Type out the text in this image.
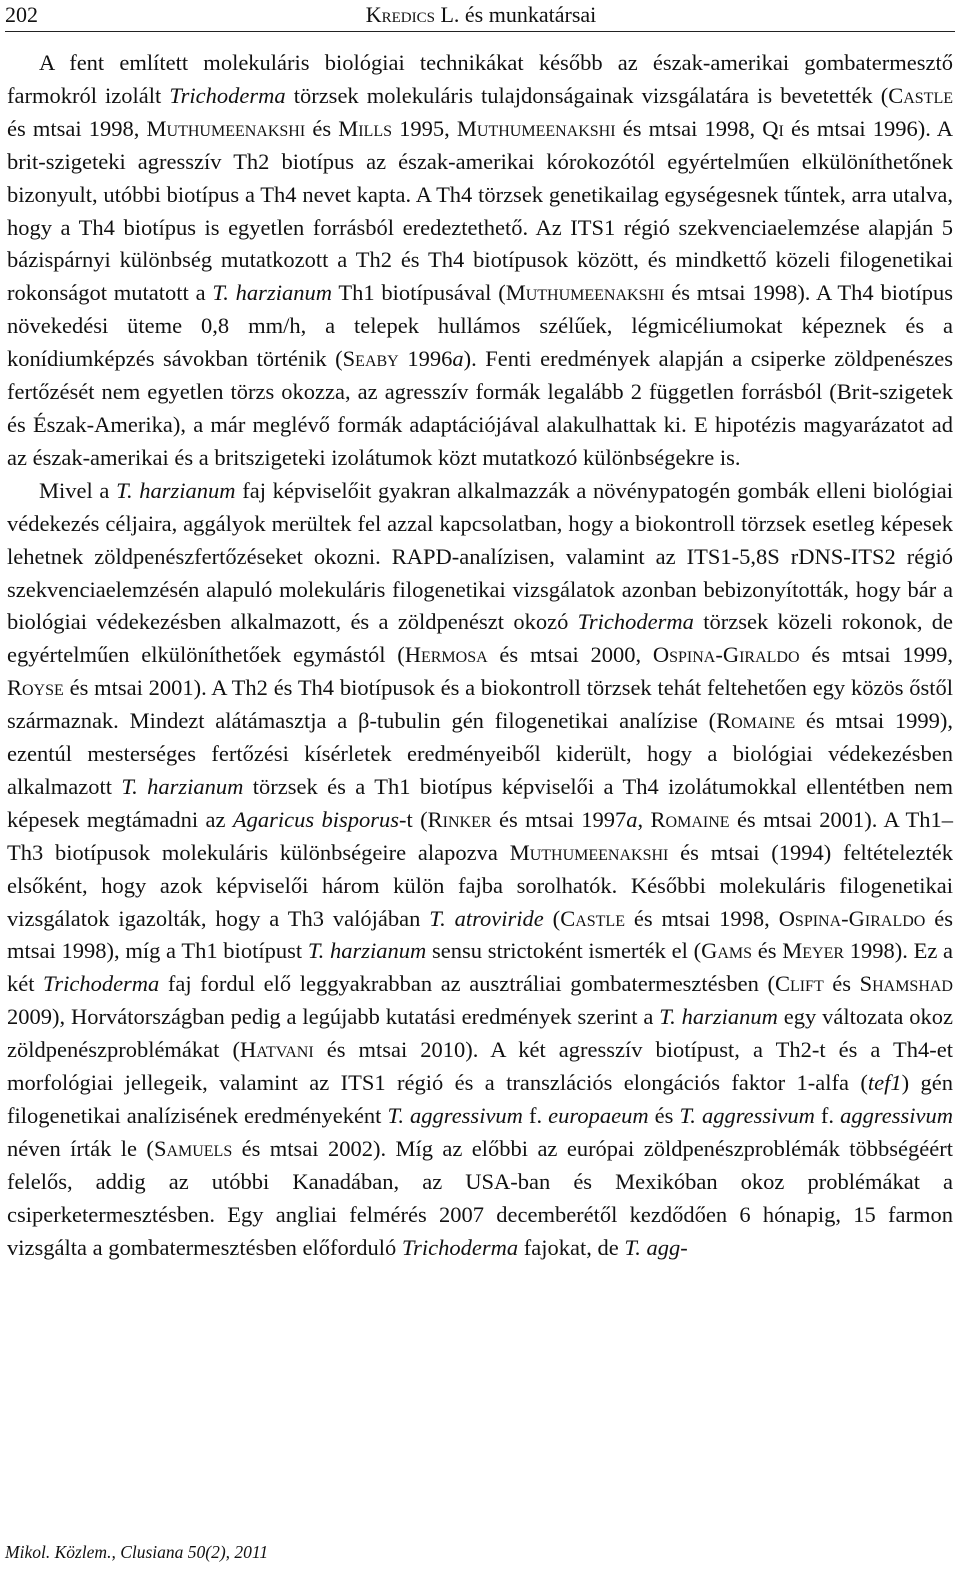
202	Kredics L. és munkatársai

A fent említett molekuláris biológiai technikákat később az észak-amerikai gombatermesztő farmokról izolált Trichoderma törzsek molekuláris tulajdonságainak vizsgálatára is bevetették (Castle és mtsai 1998, Muthumeenakshi és Mills 1995, Muthumeenakshi és mtsai 1998, Qi és mtsai 1996). A brit-szigeteki agresszív Th2 biotípus az észak-amerikai kórokozótól egyértelműen elkülöníthetőnek bizonyult, utóbbi biotípus a Th4 nevet kapta. A Th4 törzsek genetikailag egységesnek tűntek, arra utalva, hogy a Th4 biotípus is egyetlen forrásból eredeztethető. Az ITS1 régió szekvenciaelemzése alapján 5 bázispárnyi különbség mutatkozott a Th2 és Th4 biotípusok között, és mindkettő közeli filogenetikai rokonságot mutatott a T. harzianum Th1 biotípusával (Muthumeenakshi és mtsai 1998). A Th4 biotípus növekedési üteme 0,8 mm/h, a telepek hullámos szélűek, légmicéliumokat képeznek és a konídiumképzés sávokban történik (Seaby 1996a). Fenti eredmények alapján a csiperke zöldpenészes fertőzését nem egyetlen törzs okozza, az agresszív formák legalább 2 független forrásból (Brit-szigetek és Észak-Amerika), a már meglévő formák adaptációjával alakulhattak ki. E hipotézis magyarázatot ad az észak-amerikai és a britszigeteki izolátumok közt mutatkozó különbségekre is.

Mivel a T. harzianum faj képviselőit gyakran alkalmazzák a növénypatogén gombák elleni biológiai védekezés céljaira, aggályok merültek fel azzal kapcsolatban, hogy a biokontroll törzsek esetleg képesek lehetnek zöldpenészfertőzéseket okozni. RAPD-analízisen, valamint az ITS1-5,8S rDNS-ITS2 régió szekvenciaelemzésén alapuló molekuláris filogenetikai vizsgálatok azonban bebizonyították, hogy bár a biológiai védekezésben alkalmazott, és a zöldpenészt okozó Trichoderma törzsek közeli rokonok, de egyértelműen elkülöníthetőek egymástól (Hermosa és mtsai 2000, Ospina-Giraldo és mtsai 1999, Royse és mtsai 2001). A Th2 és Th4 biotípusok és a biokontroll törzsek tehát feltehetően egy közös őstől származnak. Mindezt alátámasztja a β-tubulin gén filogenetikai analízise (Romaine és mtsai 1999), ezentúl mesterséges fertőzési kísérletek eredményeiből kiderült, hogy a biológiai védekezésben alkalmazott T. harzianum törzsek és a Th1 biotípus képviselői a Th4 izolátumokkal ellentétben nem képesek megtámadni az Agaricus bisporus-t (Rinker és mtsai 1997a, Romaine és mtsai 2001). A Th1–Th3 biotípusok molekuláris különbségeire alapozva Muthumeenakshi és mtsai (1994) feltételezték elsőként, hogy azok képviselői három külön fajba sorolhatók. Későbbi molekuláris filogenetikai vizsgálatok igazolták, hogy a Th3 valójában T. atroviride (Castle és mtsai 1998, Ospina-Giraldo és mtsai 1998), míg a Th1 biotípust T. harzianum sensu strictoként ismerték el (Gams és Meyer 1998). Ez a két Trichoderma faj fordul elő leggyakrabban az ausztráliai gombatermesztésben (Clift és Shamshad 2009), Horvátországban pedig a legújabb kutatási eredmények szerint a T. harzianum egy változata okoz zöldpenészproblémákat (Hatvani és mtsai 2010). A két agresszív biotípust, a Th2-t és a Th4-et morfológiai jellegeik, valamint az ITS1 régió és a transzlációs elongációs faktor 1-alfa (tef1) gén filogenetikai analízisének eredményeként T. aggressivum f. europaeum és T. aggressivum f. aggressivum néven írták le (Samuels és mtsai 2002). Míg az előbbi az európai zöldpenészproblémák többségéért felelős, addig az utóbbi Kanadában, az USA-ban és Mexikóban okoz problémákat a csiperketermesztésben. Egy angliai felmérés 2007 decemberétől kezdődően 6 hónapig, 15 farmon vizsgálta a gombatermesztésben előforduló Trichoderma fajokat, de T. agg-

Mikol. Közlem., Clusiana 50(2), 2011
